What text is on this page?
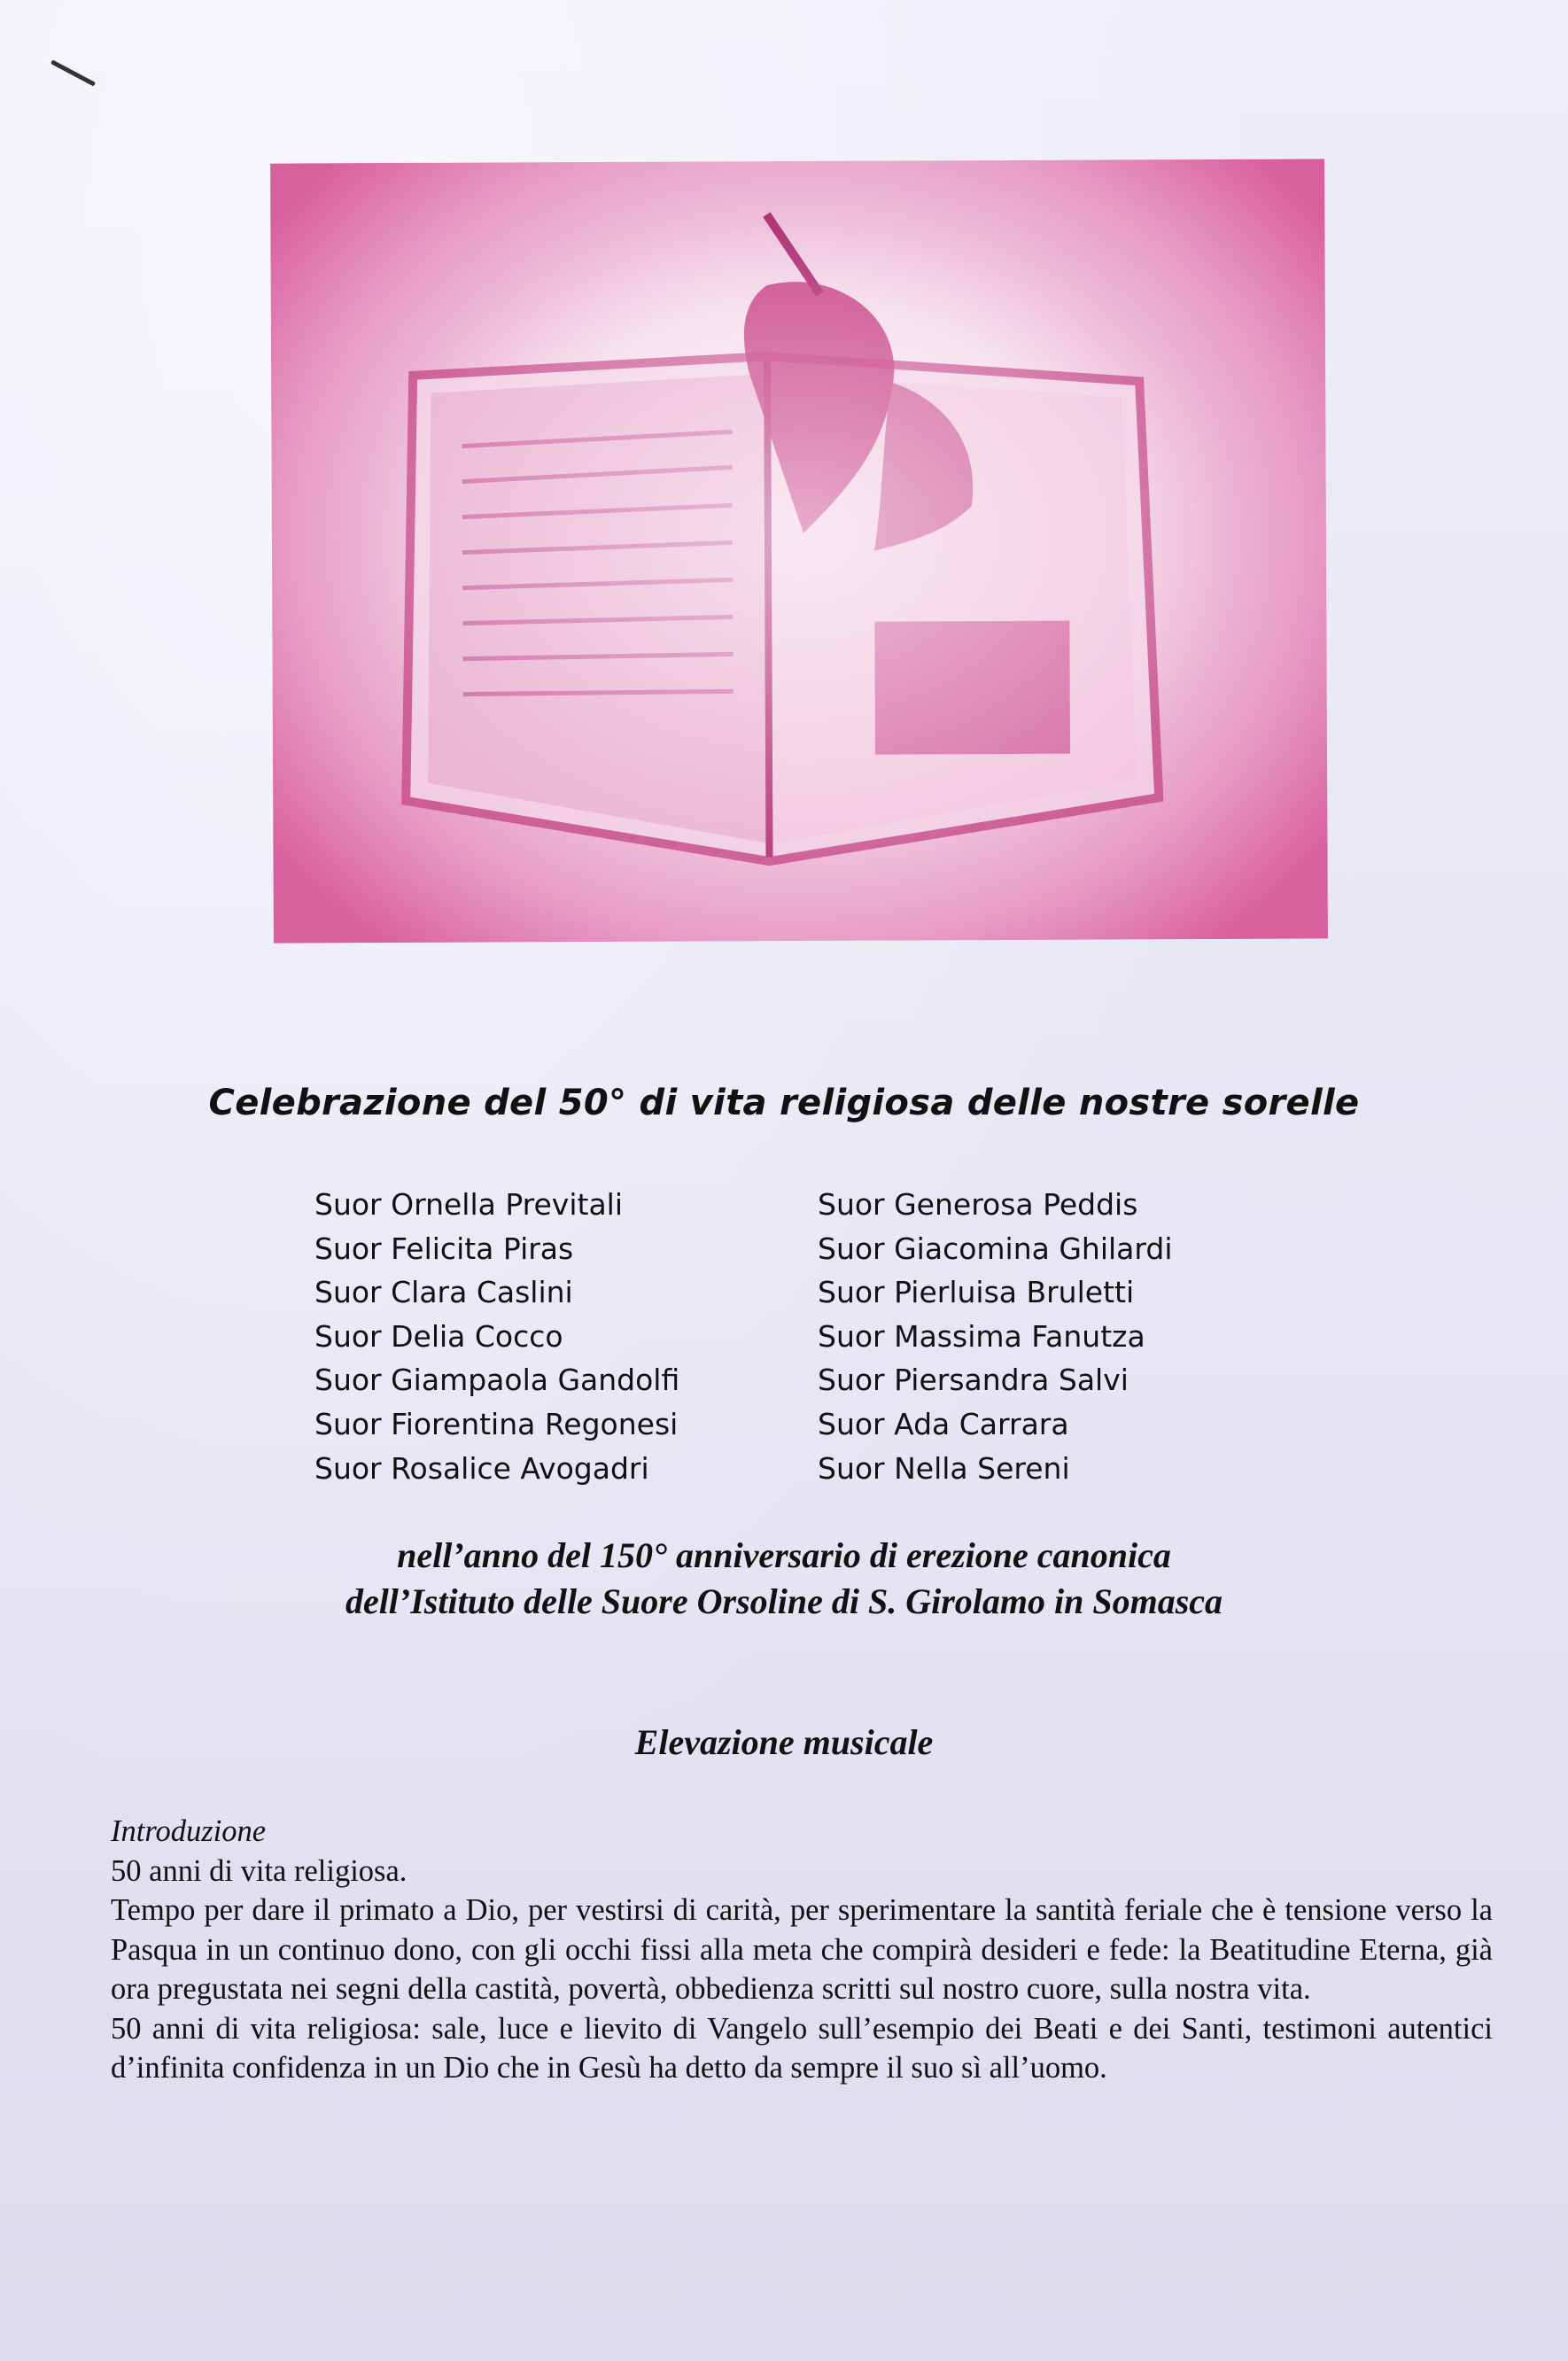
Celebrazione del 50° di vita religiosa delle nostre sorelle
Suor Ornella Previtali
Suor Felicita Piras
Suor Clara Caslini
Suor Delia Cocco
Suor Giampaola Gandolfi
Suor Fiorentina Regonesi
Suor Rosalice Avogadri
Suor Generosa Peddis
Suor Giacomina Ghilardi
Suor Pierluisa Bruletti
Suor Massima Fanutza
Suor Piersandra Salvi
Suor Ada Carrara
Suor Nella Sereni
nell’anno del 150° anniversario di erezione canonica
dell’Istituto delle Suore Orsoline di S. Girolamo in Somasca
Elevazione musicale

Introduzione

50 anni di vita religiosa.

Tempo per dare il primato a Dio, per vestirsi di carità, per sperimentare la santità feriale che è tensione verso la Pasqua in un continuo dono, con gli occhi fissi alla meta che compirà desideri e fede: la Beatitudine Eterna, già ora pregustata nei segni della castità, povertà, obbedienza scritti sul nostro cuore, sulla nostra vita.

50 anni di vita religiosa: sale, luce e lievito di Vangelo sull’esempio dei Beati e dei Santi, testimoni autentici d’infinita confidenza in un Dio che in Gesù ha detto da sempre il suo sì all’uomo.
